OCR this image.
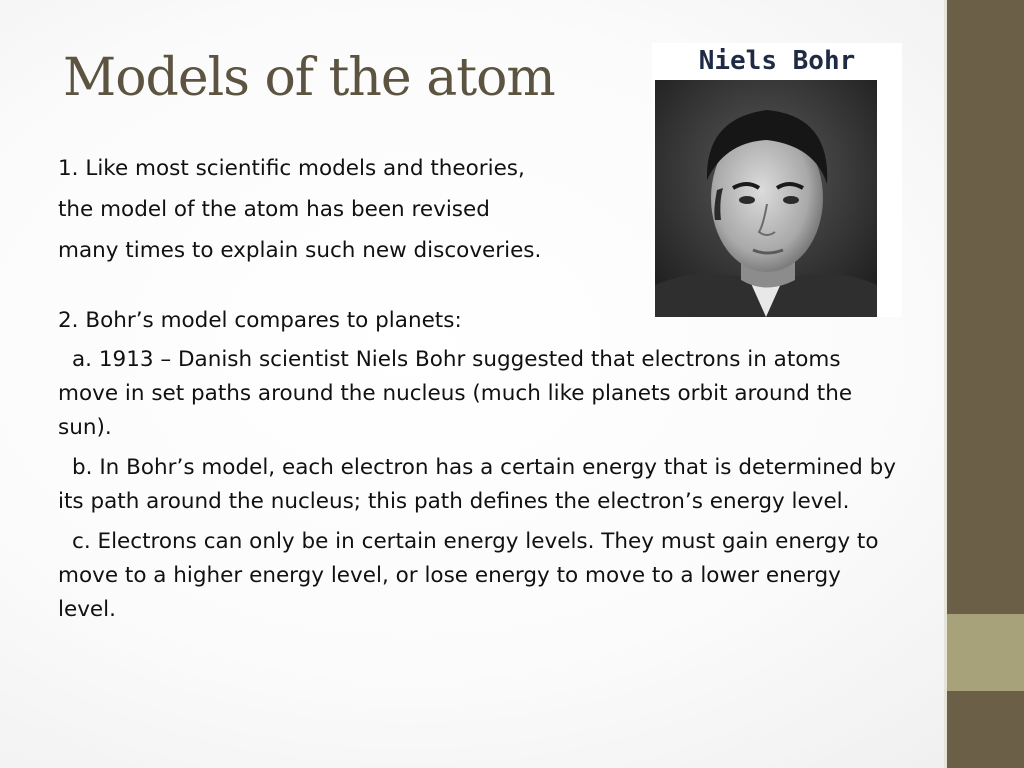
Models of the atom	Niels Bohr

1. Like most scientific models and theories,
the model of the atom has been revised
many times to explain such new discoveries.

2. Bohr’s model compares to planets:

a. 1913 – Danish scientist Niels Bohr suggested that electrons in atoms move in set paths around the nucleus (much like planets orbit around the sun).

b. In Bohr’s model, each electron has a certain energy that is determined by its path around the nucleus; this path defines the electron’s energy level.

c. Electrons can only be in certain energy levels. They must gain energy to move to a higher energy level, or lose energy to move to a lower energy level.
